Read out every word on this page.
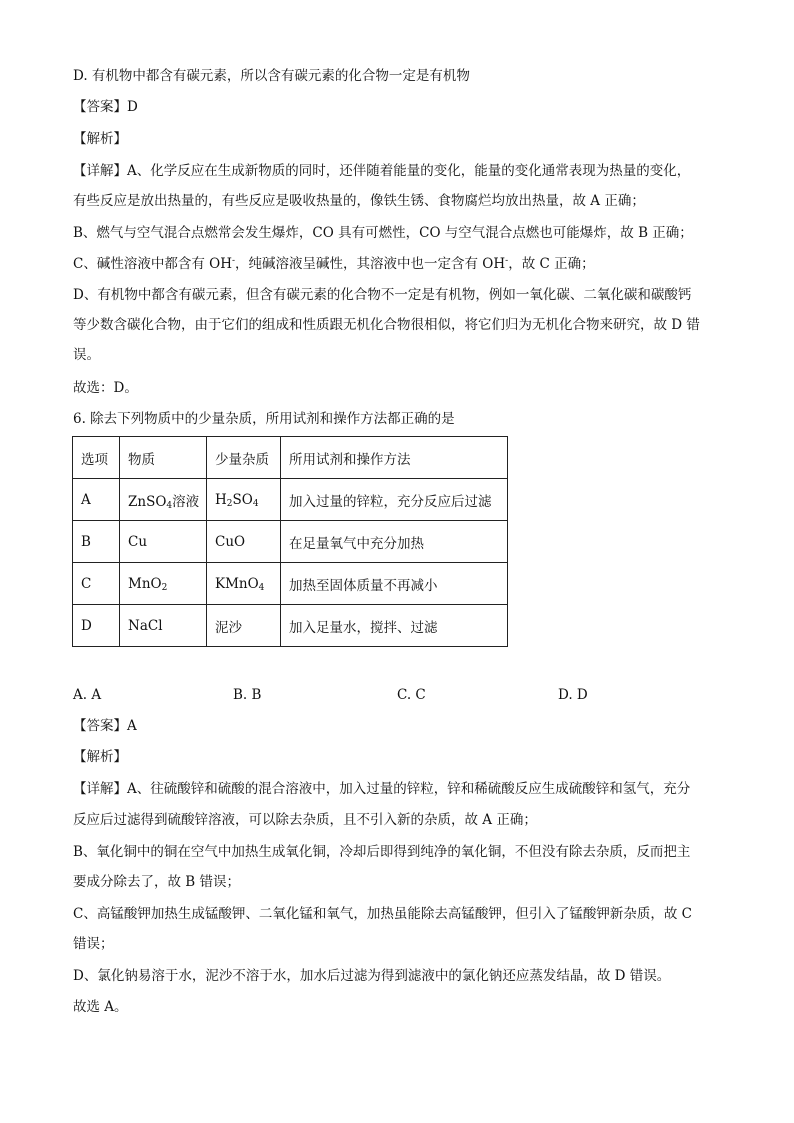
D. 有机物中都含有碳元素，所以含有碳元素的化合物一定是有机物
【答案】D
【解析】
【详解】A、化学反应在生成新物质的同时，还伴随着能量的变化，能量的变化通常表现为热量的变化，
有些反应是放出热量的，有些反应是吸收热量的，像铁生锈、食物腐烂均放出热量，故 A 正确；
B、燃气与空气混合点燃常会发生爆炸，CO 具有可燃性，CO 与空气混合点燃也可能爆炸，故 B 正确；
C、碱性溶液中都含有 OH-，纯碱溶液呈碱性，其溶液中也一定含有 OH-，故 C 正确；
D、有机物中都含有碳元素，但含有碳元素的化合物不一定是有机物，例如一氧化碳、二氧化碳和碳酸钙
等少数含碳化合物，由于它们的组成和性质跟无机化合物很相似，将它们归为无机化合物来研究，故 D 错
误。
故选：D。
6. 除去下列物质中的少量杂质，所用试剂和操作方法都正确的是
选项	物质	少量杂质	所用试剂和操作方法
A	ZnSO$_4$溶液	$H_2SO_4$	加入过量的锌粒，充分反应后过滤
B	Cu	CuO	在足量氧气中充分加热
C	MnO$_2$	KMnO$_4$	加热至固体质量不再减小
D	NaCl	泥沙	加入足量水，搅拌、过滤
A. A	B. B	C. C	D. D
【答案】A
【解析】
【详解】A、往硫酸锌和硫酸的混合溶液中，加入过量的锌粒，锌和稀硫酸反应生成硫酸锌和氢气，充分
反应后过滤得到硫酸锌溶液，可以除去杂质，且不引入新的杂质，故 A 正确；
B、氧化铜中的铜在空气中加热生成氧化铜，冷却后即得到纯净的氧化铜，不但没有除去杂质，反而把主
要成分除去了，故 B 错误；
C、高锰酸钾加热生成锰酸钾、二氧化锰和氧气，加热虽能除去高锰酸钾，但引入了锰酸钾新杂质，故 C
错误；
D、氯化钠易溶于水，泥沙不溶于水，加水后过滤为得到滤液中的氯化钠还应蒸发结晶，故 D 错误。
故选 A。
